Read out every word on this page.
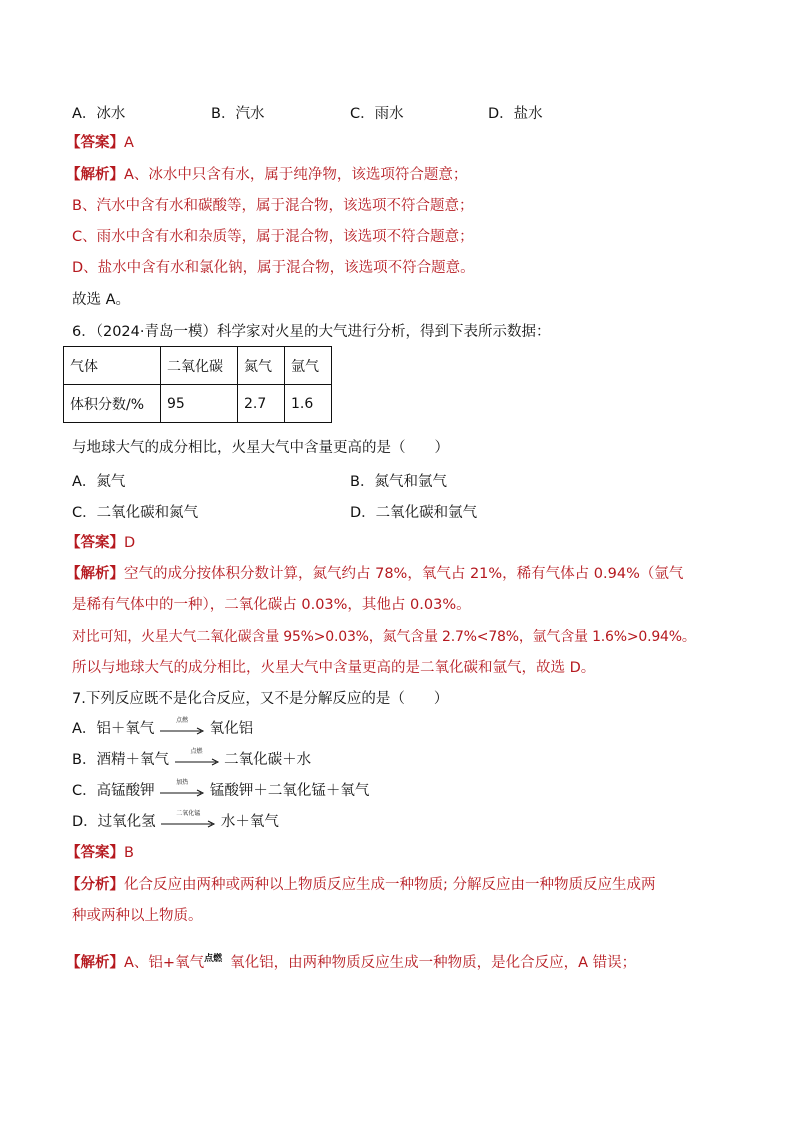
A．冰水	B．汽水	C．雨水	D．盐水
【答案】A
【解析】A、冰水中只含有水，属于纯净物，该选项符合题意；
B、汽水中含有水和碳酸等，属于混合物，该选项不符合题意；
C、雨水中含有水和杂质等，属于混合物，该选项不符合题意；
D、盐水中含有水和氯化钠，属于混合物，该选项不符合题意。
故选 A。
6．（2024·青岛一模）科学家对火星的大气进行分析，得到下表所示数据：
气体	二氧化碳	氮气	氩气
体积分数/%	95	2.7	1.6
与地球大气的成分相比，火星大气中含量更高的是（　　）
A．氮气	B．氮气和氩气
C．二氧化碳和氮气	D．二氧化碳和氩气
【答案】D
【解析】空气的成分按体积分数计算，氮气约占 78%，氧气占 21%，稀有气体占 0.94%（氩气
是稀有气体中的一种），二氧化碳占 0.03%，其他占 0.03%。
对比可知，火星大气二氧化碳含量 95%>0.03%，氮气含量 2.7%<78%，氩气含量 1.6%>0.94%。
所以与地球大气的成分相比，火星大气中含量更高的是二氧化碳和氩气，故选 D。
7.下列反应既不是化合反应，又不是分解反应的是（　　）
A．铝＋氧气
点燃
氧化铝
B．酒精＋氧气
点燃
二氧化碳＋水
C．高锰酸钾
加热
锰酸钾＋二氧化锰＋氧气
D．过氧化氢
二氧化锰
水＋氧气
【答案】B
【分析】化合反应由两种或两种以上物质反应生成一种物质; 分解反应由一种物质反应生成两
种或两种以上物质。
【解析】A、铝+氧气 点燃 氧化铝，由两种物质反应生成一种物质，是化合反应，A 错误；
